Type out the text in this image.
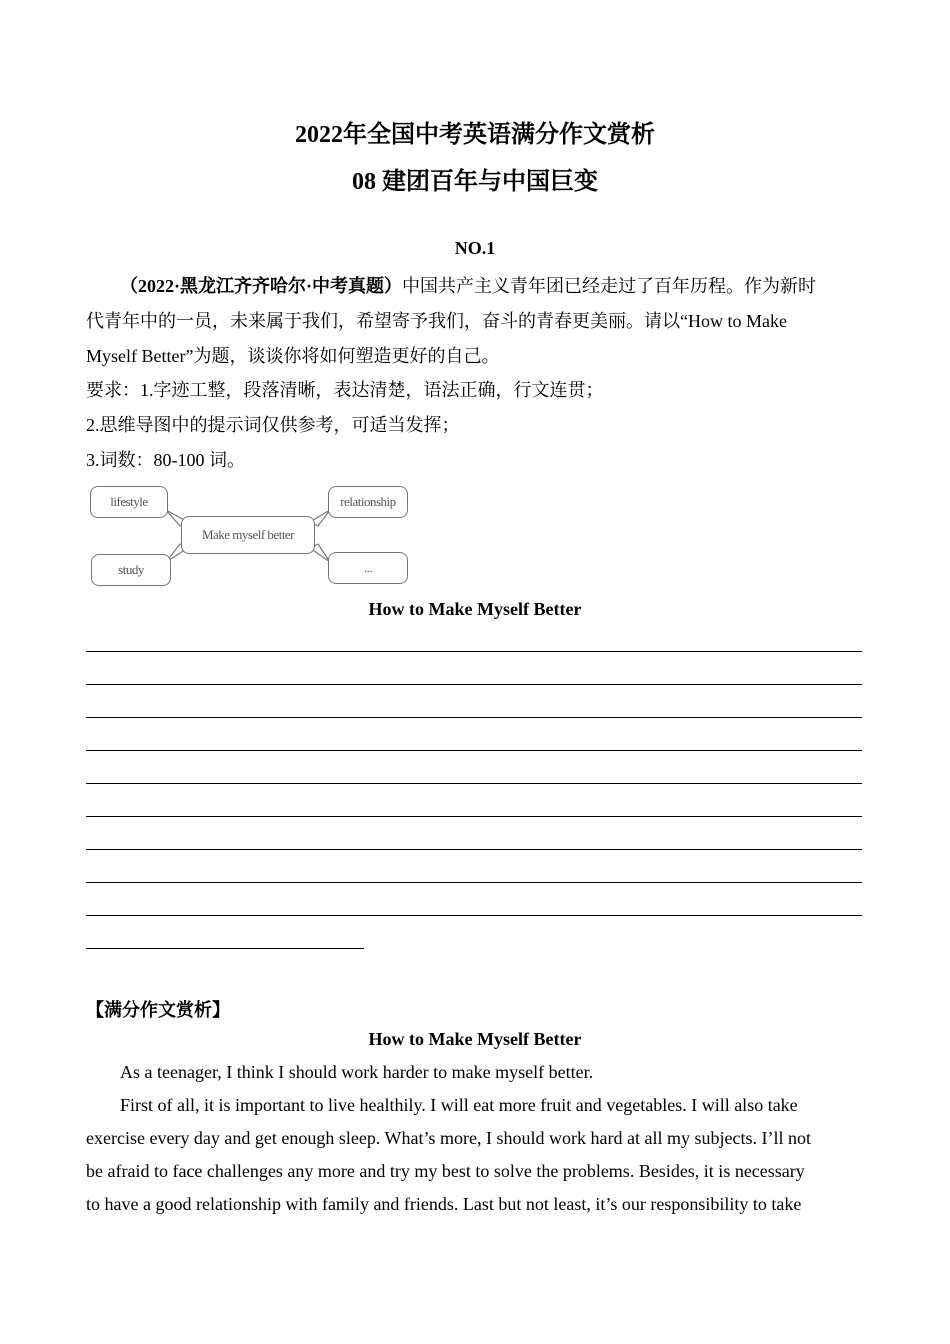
2022年全国中考英语满分作文赏析
08 建团百年与中国巨变
NO.1
（2022·黑龙江齐齐哈尔·中考真题）中国共产主义青年团已经走过了百年历程。作为新时
代青年中的一员，未来属于我们，希望寄予我们，奋斗的青春更美丽。请以“How to Make
Myself Better”为题，谈谈你将如何塑造更好的自己。
要求：1.字迹工整，段落清晰，表达清楚，语法正确，行文连贯；
2.思维导图中的提示词仅供参考，可适当发挥；
3.词数：80-100 词。
lifestyle	relationship
Make myself better
study	...
How to Make Myself Better
【满分作文赏析】
How to Make Myself Better
As a teenager, I think I should work harder to make myself better.
First of all, it is important to live healthily. I will eat more fruit and vegetables. I will also take
exercise every day and get enough sleep. What’s more, I should work hard at all my subjects. I’ll not
be afraid to face challenges any more and try my best to solve the problems. Besides, it is necessary
to have a good relationship with family and friends. Last but not least, it’s our responsibility to take
